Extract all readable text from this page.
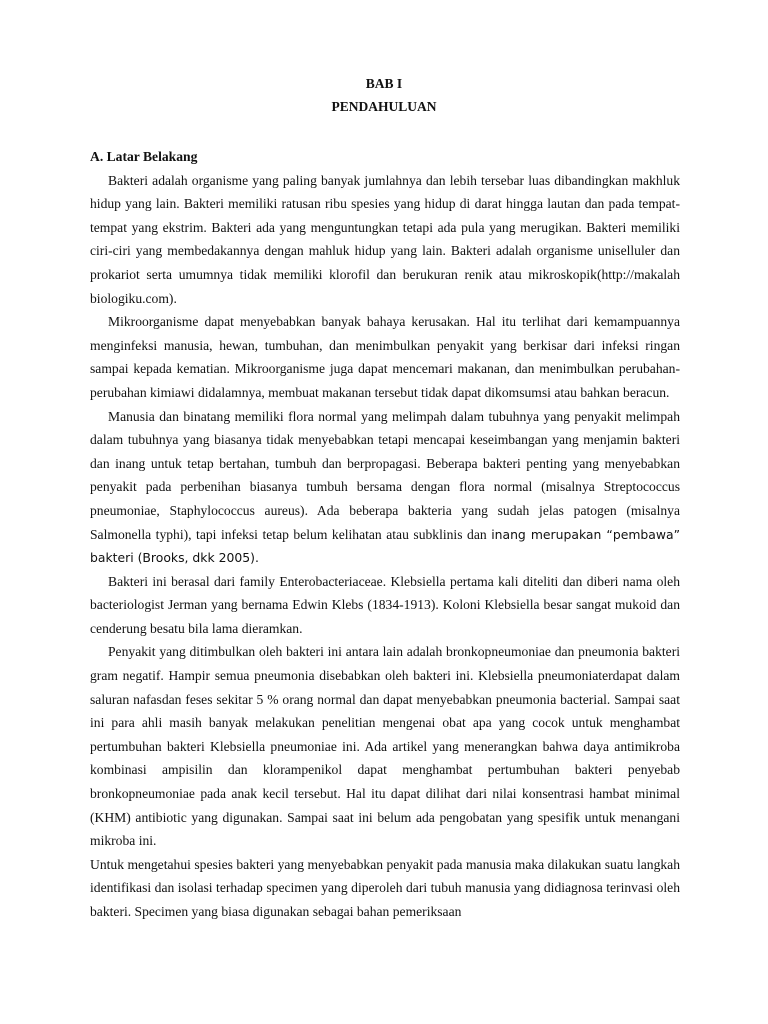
BAB I
PENDAHULUAN

A. Latar Belakang

Bakteri adalah organisme yang paling banyak jumlahnya dan lebih tersebar luas dibandingkan makhluk hidup yang lain. Bakteri memiliki ratusan ribu spesies yang hidup di darat hingga lautan dan pada tempat-tempat yang ekstrim. Bakteri ada yang menguntungkan tetapi ada pula yang merugikan. Bakteri memiliki ciri-ciri yang membedakannya dengan mahluk hidup yang lain. Bakteri adalah organisme uniselluler dan prokariot serta umumnya tidak memiliki klorofil dan berukuran renik atau mikroskopik(http://makalah biologiku.com).

Mikroorganisme dapat menyebabkan banyak bahaya kerusakan. Hal itu terlihat dari kemampuannya menginfeksi manusia, hewan, tumbuhan, dan menimbulkan penyakit yang berkisar dari infeksi ringan sampai kepada kematian. Mikroorganisme juga dapat mencemari makanan, dan menimbulkan perubahan-perubahan kimiawi didalamnya, membuat makanan tersebut tidak dapat dikomsumsi atau bahkan beracun.

Manusia dan binatang memiliki flora normal yang melimpah dalam tubuhnya yang penyakit melimpah dalam tubuhnya yang biasanya tidak menyebabkan tetapi mencapai keseimbangan yang menjamin bakteri dan inang untuk tetap bertahan, tumbuh dan berpropagasi. Beberapa bakteri penting yang menyebabkan penyakit pada perbenihan biasanya tumbuh bersama dengan flora normal (misalnya Streptococcus pneumoniae, Staphylococcus aureus). Ada beberapa bakteria yang sudah jelas patogen (misalnya Salmonella typhi), tapi infeksi tetap belum kelihatan atau subklinis dan inang merupakan “pembawa” bakteri (Brooks, dkk 2005).

Bakteri ini berasal dari family Enterobacteriaceae. Klebsiella pertama kali diteliti dan diberi nama oleh bacteriologist Jerman yang bernama Edwin Klebs (1834-1913). Koloni Klebsiella besar sangat mukoid dan cenderung besatu bila lama dieramkan.

Penyakit yang ditimbulkan oleh bakteri ini antara lain adalah bronkopneumoniae dan pneumonia bakteri gram negatif. Hampir semua pneumonia disebabkan oleh bakteri ini. Klebsiella pneumoniaterdapat dalam saluran nafasdan feses sekitar 5 % orang normal dan dapat menyebabkan pneumonia bacterial. Sampai saat ini para ahli masih banyak melakukan penelitian mengenai obat apa yang cocok untuk menghambat pertumbuhan bakteri Klebsiella pneumoniae ini. Ada artikel yang menerangkan bahwa daya antimikroba kombinasi ampisilin dan klorampenikol dapat menghambat pertumbuhan bakteri penyebab bronkopneumoniae pada anak kecil tersebut. Hal itu dapat dilihat dari nilai konsentrasi hambat minimal (KHM) antibiotic yang digunakan. Sampai saat ini belum ada pengobatan yang spesifik untuk menangani mikroba ini.

Untuk mengetahui spesies bakteri yang menyebabkan penyakit pada manusia maka dilakukan suatu langkah identifikasi dan isolasi terhadap specimen yang diperoleh dari tubuh manusia yang didiagnosa terinvasi oleh bakteri. Specimen yang biasa digunakan sebagai bahan pemeriksaan
